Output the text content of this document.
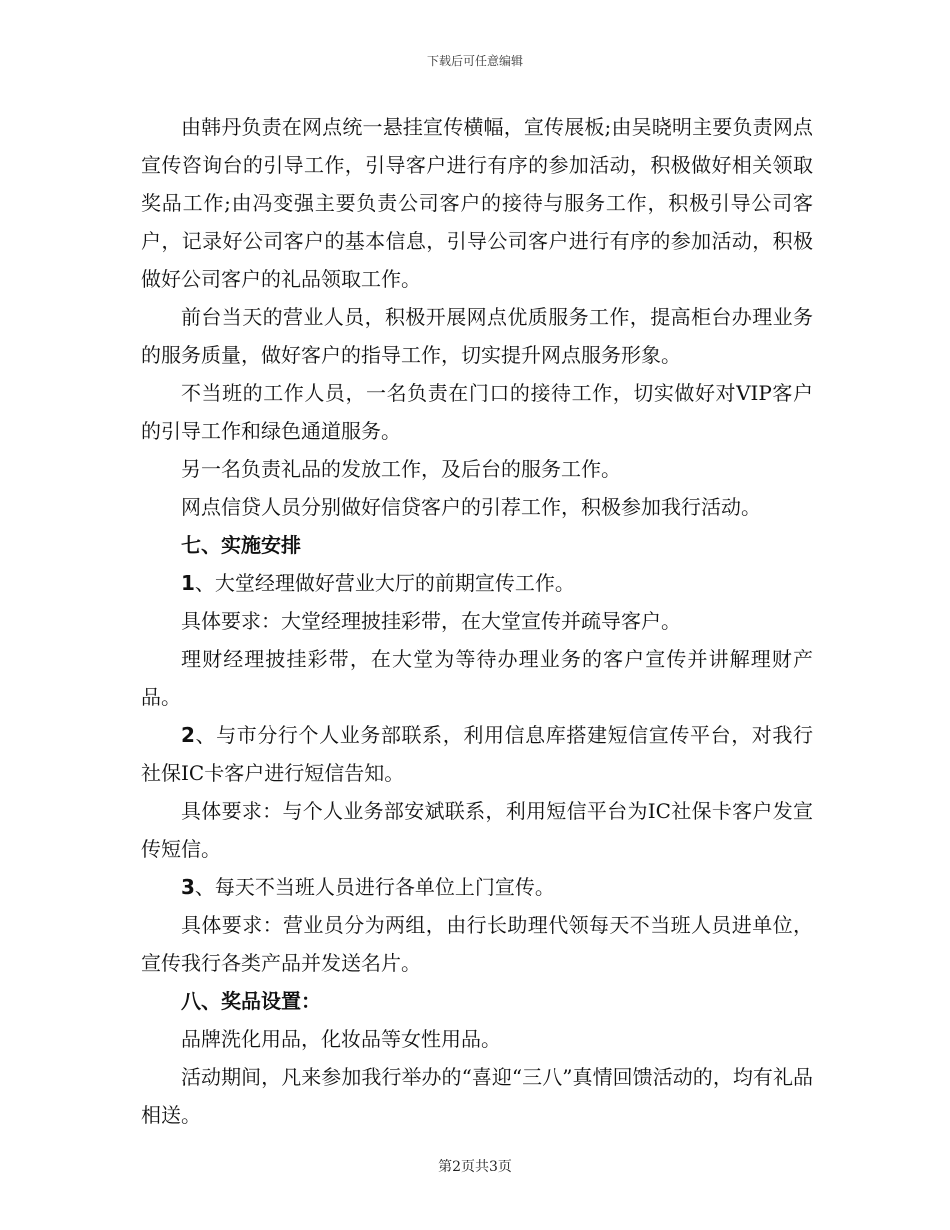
下载后可任意编辑

由韩丹负责在网点统一悬挂宣传横幅，宣传展板;由吴晓明主要负责网点宣传咨询台的引导工作，引导客户进行有序的参加活动，积极做好相关领取奖品工作;由冯变强主要负责公司客户的接待与服务工作，积极引导公司客户，记录好公司客户的基本信息，引导公司客户进行有序的参加活动，积极做好公司客户的礼品领取工作。

前台当天的营业人员，积极开展网点优质服务工作，提高柜台办理业务的服务质量，做好客户的指导工作，切实提升网点服务形象。

不当班的工作人员，一名负责在门口的接待工作，切实做好对VIP客户的引导工作和绿色通道服务。

另一名负责礼品的发放工作，及后台的服务工作。

网点信贷人员分别做好信贷客户的引荐工作，积极参加我行活动。

七、实施安排

1、大堂经理做好营业大厅的前期宣传工作。

具体要求：大堂经理披挂彩带，在大堂宣传并疏导客户。

理财经理披挂彩带，在大堂为等待办理业务的客户宣传并讲解理财产品。

2、与市分行个人业务部联系，利用信息库搭建短信宣传平台，对我行社保IC卡客户进行短信告知。

具体要求：与个人业务部安斌联系，利用短信平台为IC社保卡客户发宣传短信。

3、每天不当班人员进行各单位上门宣传。

具体要求：营业员分为两组，由行长助理代领每天不当班人员进单位，宣传我行各类产品并发送名片。

八、奖品设置：

品牌洗化用品，化妆品等女性用品。

活动期间，凡来参加我行举办的“喜迎“三八”真情回馈活动的，均有礼品相送。

第2页共3页
